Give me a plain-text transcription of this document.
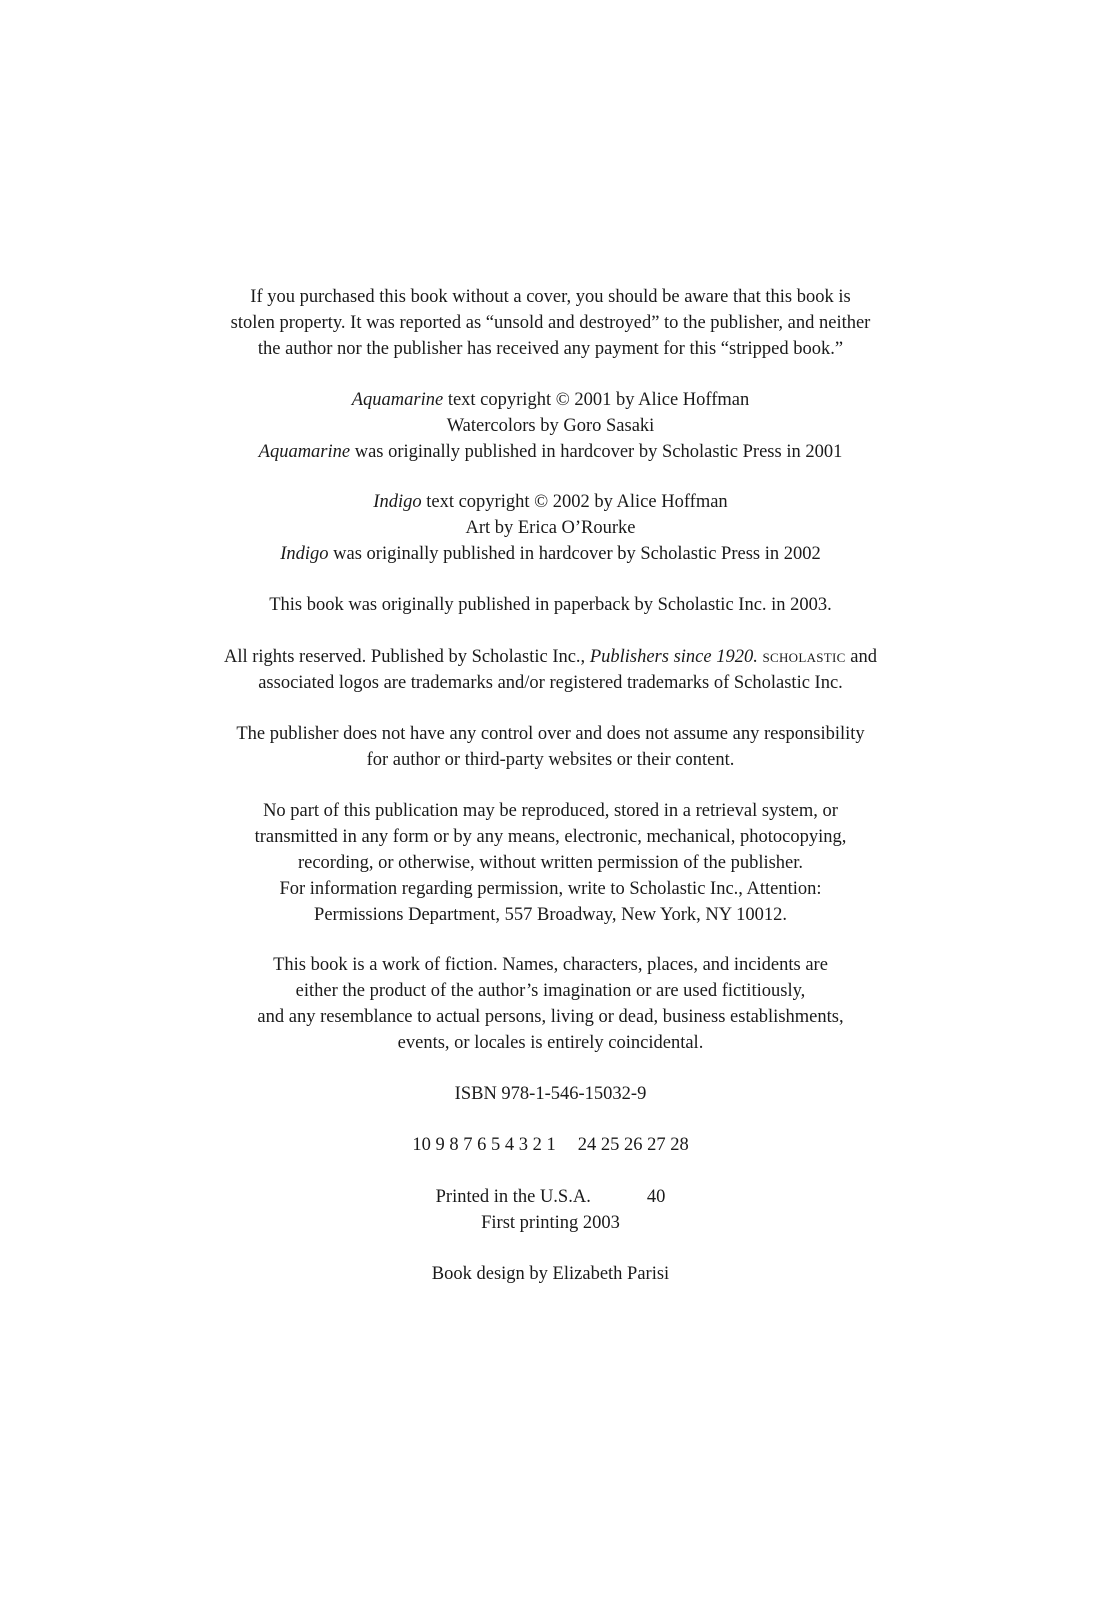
If you purchased this book without a cover, you should be aware that this book is
stolen property. It was reported as “unsold and destroyed” to the publisher, and neither
the author nor the publisher has received any payment for this “stripped book.”
Aquamarine text copyright © 2001 by Alice Hoffman
Watercolors by Goro Sasaki
Aquamarine was originally published in hardcover by Scholastic Press in 2001
Indigo text copyright © 2002 by Alice Hoffman
Art by Erica O’Rourke
Indigo was originally published in hardcover by Scholastic Press in 2002
This book was originally published in paperback by Scholastic Inc. in 2003.
All rights reserved. Published by Scholastic Inc., Publishers since 1920. scholastic and
associated logos are trademarks and/or registered trademarks of Scholastic Inc.
The publisher does not have any control over and does not assume any responsibility
for author or third-party websites or their content.
No part of this publication may be reproduced, stored in a retrieval system, or
transmitted in any form or by any means, electronic, mechanical, photocopying,
recording, or otherwise, without written permission of the publisher.
For information regarding permission, write to Scholastic Inc., Attention:
Permissions Department, 557 Broadway, New York, NY 10012.
This book is a work of fiction. Names, characters, places, and incidents are
either the product of the author’s imagination or are used fictitiously,
and any resemblance to actual persons, living or dead, business establishments,
events, or locales is entirely coincidental.
ISBN 978-1-546-15032-9
10 9 8 7 6 5 4 3 2 1 24 25 26 27 28
Printed in the U.S.A.	40
First printing 2003
Book design by Elizabeth Parisi
